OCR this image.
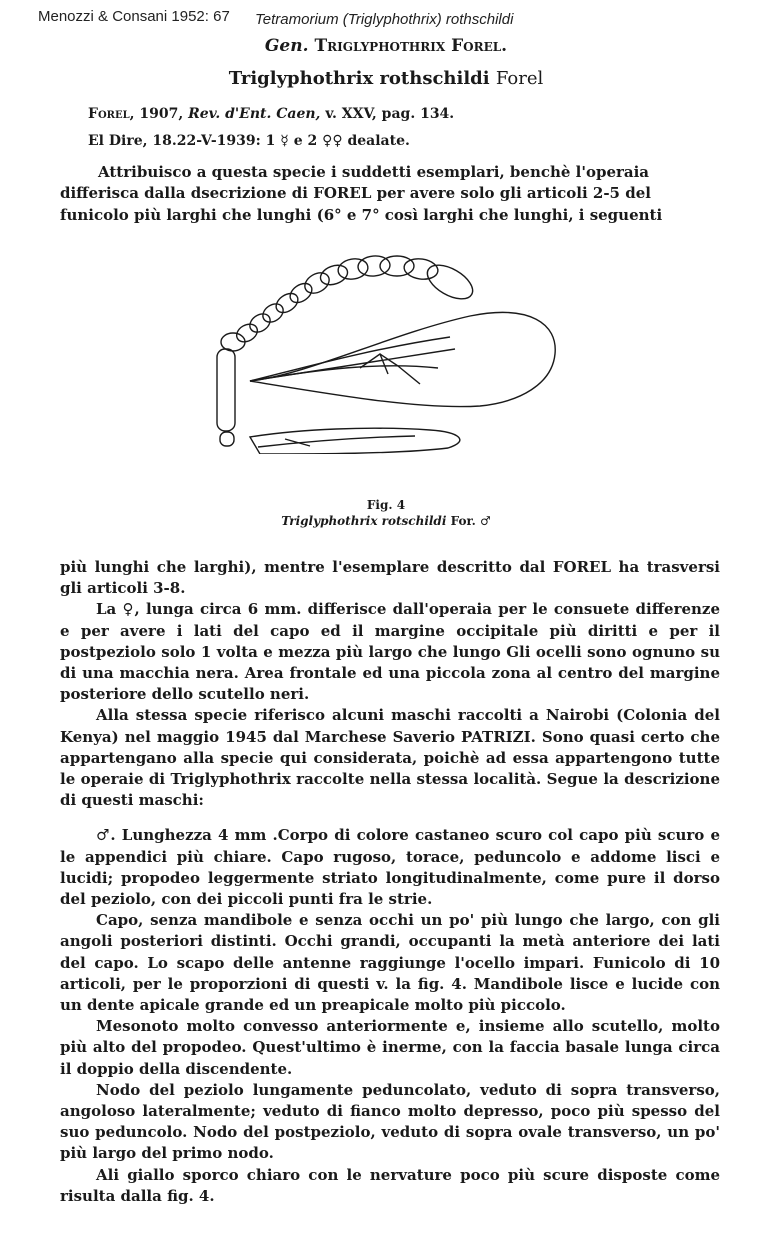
Menozzi & Consani 1952: 67 Tetramorium (Triglyphothrix) rothschildi
Gen. Triglyphothrix Forel.
Triglyphothrix rothschildi Forel
Forel, 1907, Rev. d'Ent. Caen, v. XXV, pag. 134.
El Dire, 18.22-V-1939: 1 ☿ e 2 ♀♀ dealate.
Attribuisco a questa specie i suddetti esemplari, benchè l'operaia
differisca dalla dsecrizione di FOREL per avere solo gli articoli 2-5 del
funicolo più larghi che lunghi (6° e 7° così larghi che lunghi, i seguenti
Fig. 4
Triglyphothrix rotschildi For. ♂

più lunghi che larghi), mentre l'esemplare descritto dal FOREL ha trasversi gli articoli 3-8.

La ♀, lunga circa 6 mm. differisce dall'operaia per le consuete differenze e per avere i lati del capo ed il margine occipitale più diritti e per il postpeziolo solo 1 volta e mezza più largo che lungo Gli ocelli sono ognuno su di una macchia nera. Area frontale ed una piccola zona al centro del margine posteriore dello scutello neri.

Alla stessa specie riferisco alcuni maschi raccolti a Nairobi (Colonia del Kenya) nel maggio 1945 dal Marchese Saverio PATRIZI. Sono quasi certo che appartengano alla specie qui considerata, poichè ad essa appartengono tutte le operaie di Triglyphothrix raccolte nella stessa località. Segue la descrizione di questi maschi:

♂. Lunghezza 4 mm .Corpo di colore castaneo scuro col capo più scuro e le appendici più chiare. Capo rugoso, torace, peduncolo e addome lisci e lucidi; propodeo leggermente striato longitudinalmente, come pure il dorso del peziolo, con dei piccoli punti fra le strie.

Capo, senza mandibole e senza occhi un po' più lungo che largo, con gli angoli posteriori distinti. Occhi grandi, occupanti la metà anteriore dei lati del capo. Lo scapo delle antenne raggiunge l'ocello impari. Funicolo di 10 articoli, per le proporzioni di questi v. la fig. 4. Mandibole lisce e lucide con un dente apicale grande ed un preapicale molto più piccolo.

Mesonoto molto convesso anteriormente e, insieme allo scutello, molto più alto del propodeo. Quest'ultimo è inerme, con la faccia basale lunga circa il doppio della discendente.

Nodo del peziolo lungamente peduncolato, veduto di sopra transverso, angoloso lateralmente; veduto di fianco molto depresso, poco più spesso del suo peduncolo. Nodo del postpeziolo, veduto di sopra ovale transverso, un po' più largo del primo nodo.

Ali giallo sporco chiaro con le nervature poco più scure disposte come risulta dalla fig. 4.
